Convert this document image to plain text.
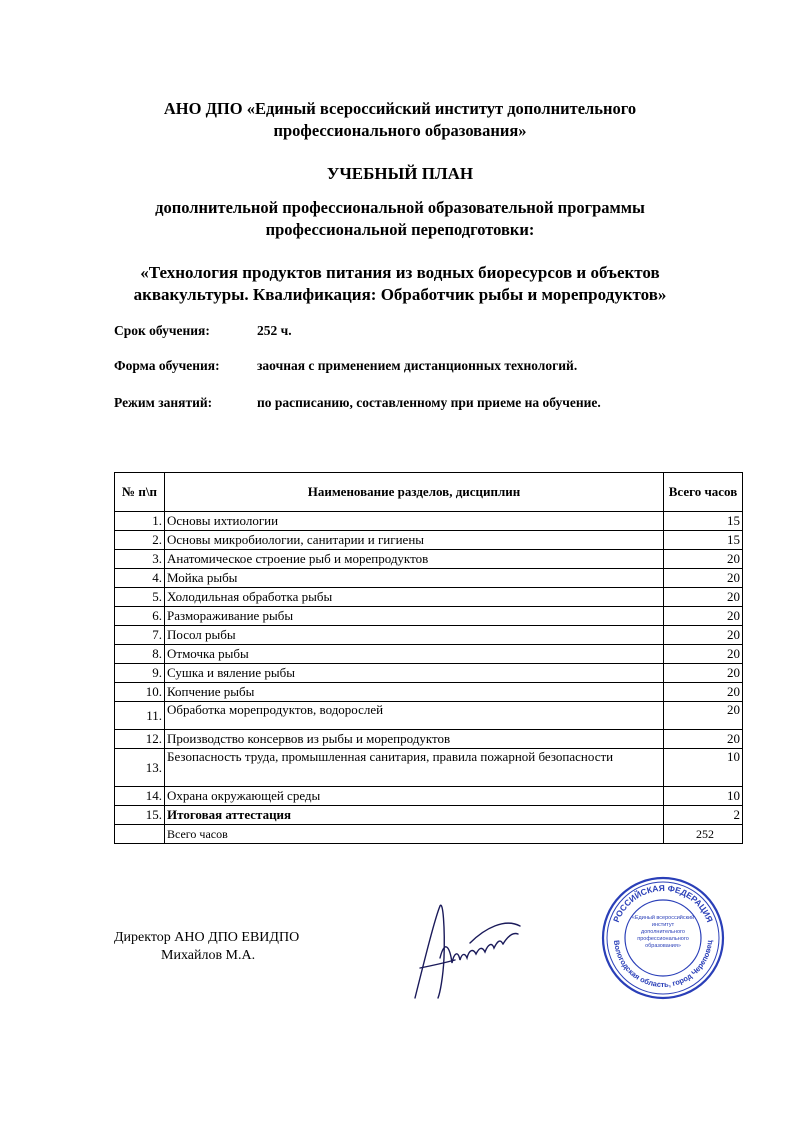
АНО ДПО «Единый всероссийский институт дополнительного профессионального образования»
УЧЕБНЫЙ ПЛАН
дополнительной профессиональной образовательной программы профессиональной переподготовки:
«Технология продуктов питания из водных биоресурсов и объектов аквакультуры. Квалификация: Обработчик рыбы и морепродуктов»
Срок обучения:	252 ч.
Форма обучения:	заочная с применением дистанционных технологий.
Режим занятий:	по расписанию, составленному при приеме на обучение.
№ п\п	Наименование разделов, дисциплин	Всего часов
1.	Основы ихтиологии	15
2.	Основы микробиологии, санитарии и гигиены	15
3.	Анатомическое строение рыб и морепродуктов	20
4.	Мойка рыбы	20
5.	Холодильная обработка рыбы	20
6.	Размораживание рыбы	20
7.	Посол рыбы	20
8.	Отмочка рыбы	20
9.	Сушка и вяление рыбы	20
10.	Копчение рыбы	20
11.	Обработка морепродуктов, водорослей	20
12.	Производство консервов из рыбы и морепродуктов	20
13.	Безопасность труда, промышленная санитария, правила пожарной безопасности	10
14.	Охрана окружающей среды	10
15.	Итоговая аттестация	2
	Всего часов	252
Директор АНО ДПО ЕВИДПО
Михайлов М.А.
РОССИЙСКАЯ ФЕДЕРАЦИЯ
Вологодская область, город Череповец
«Единый всероссийский институт дополнительного профессионального образования»
